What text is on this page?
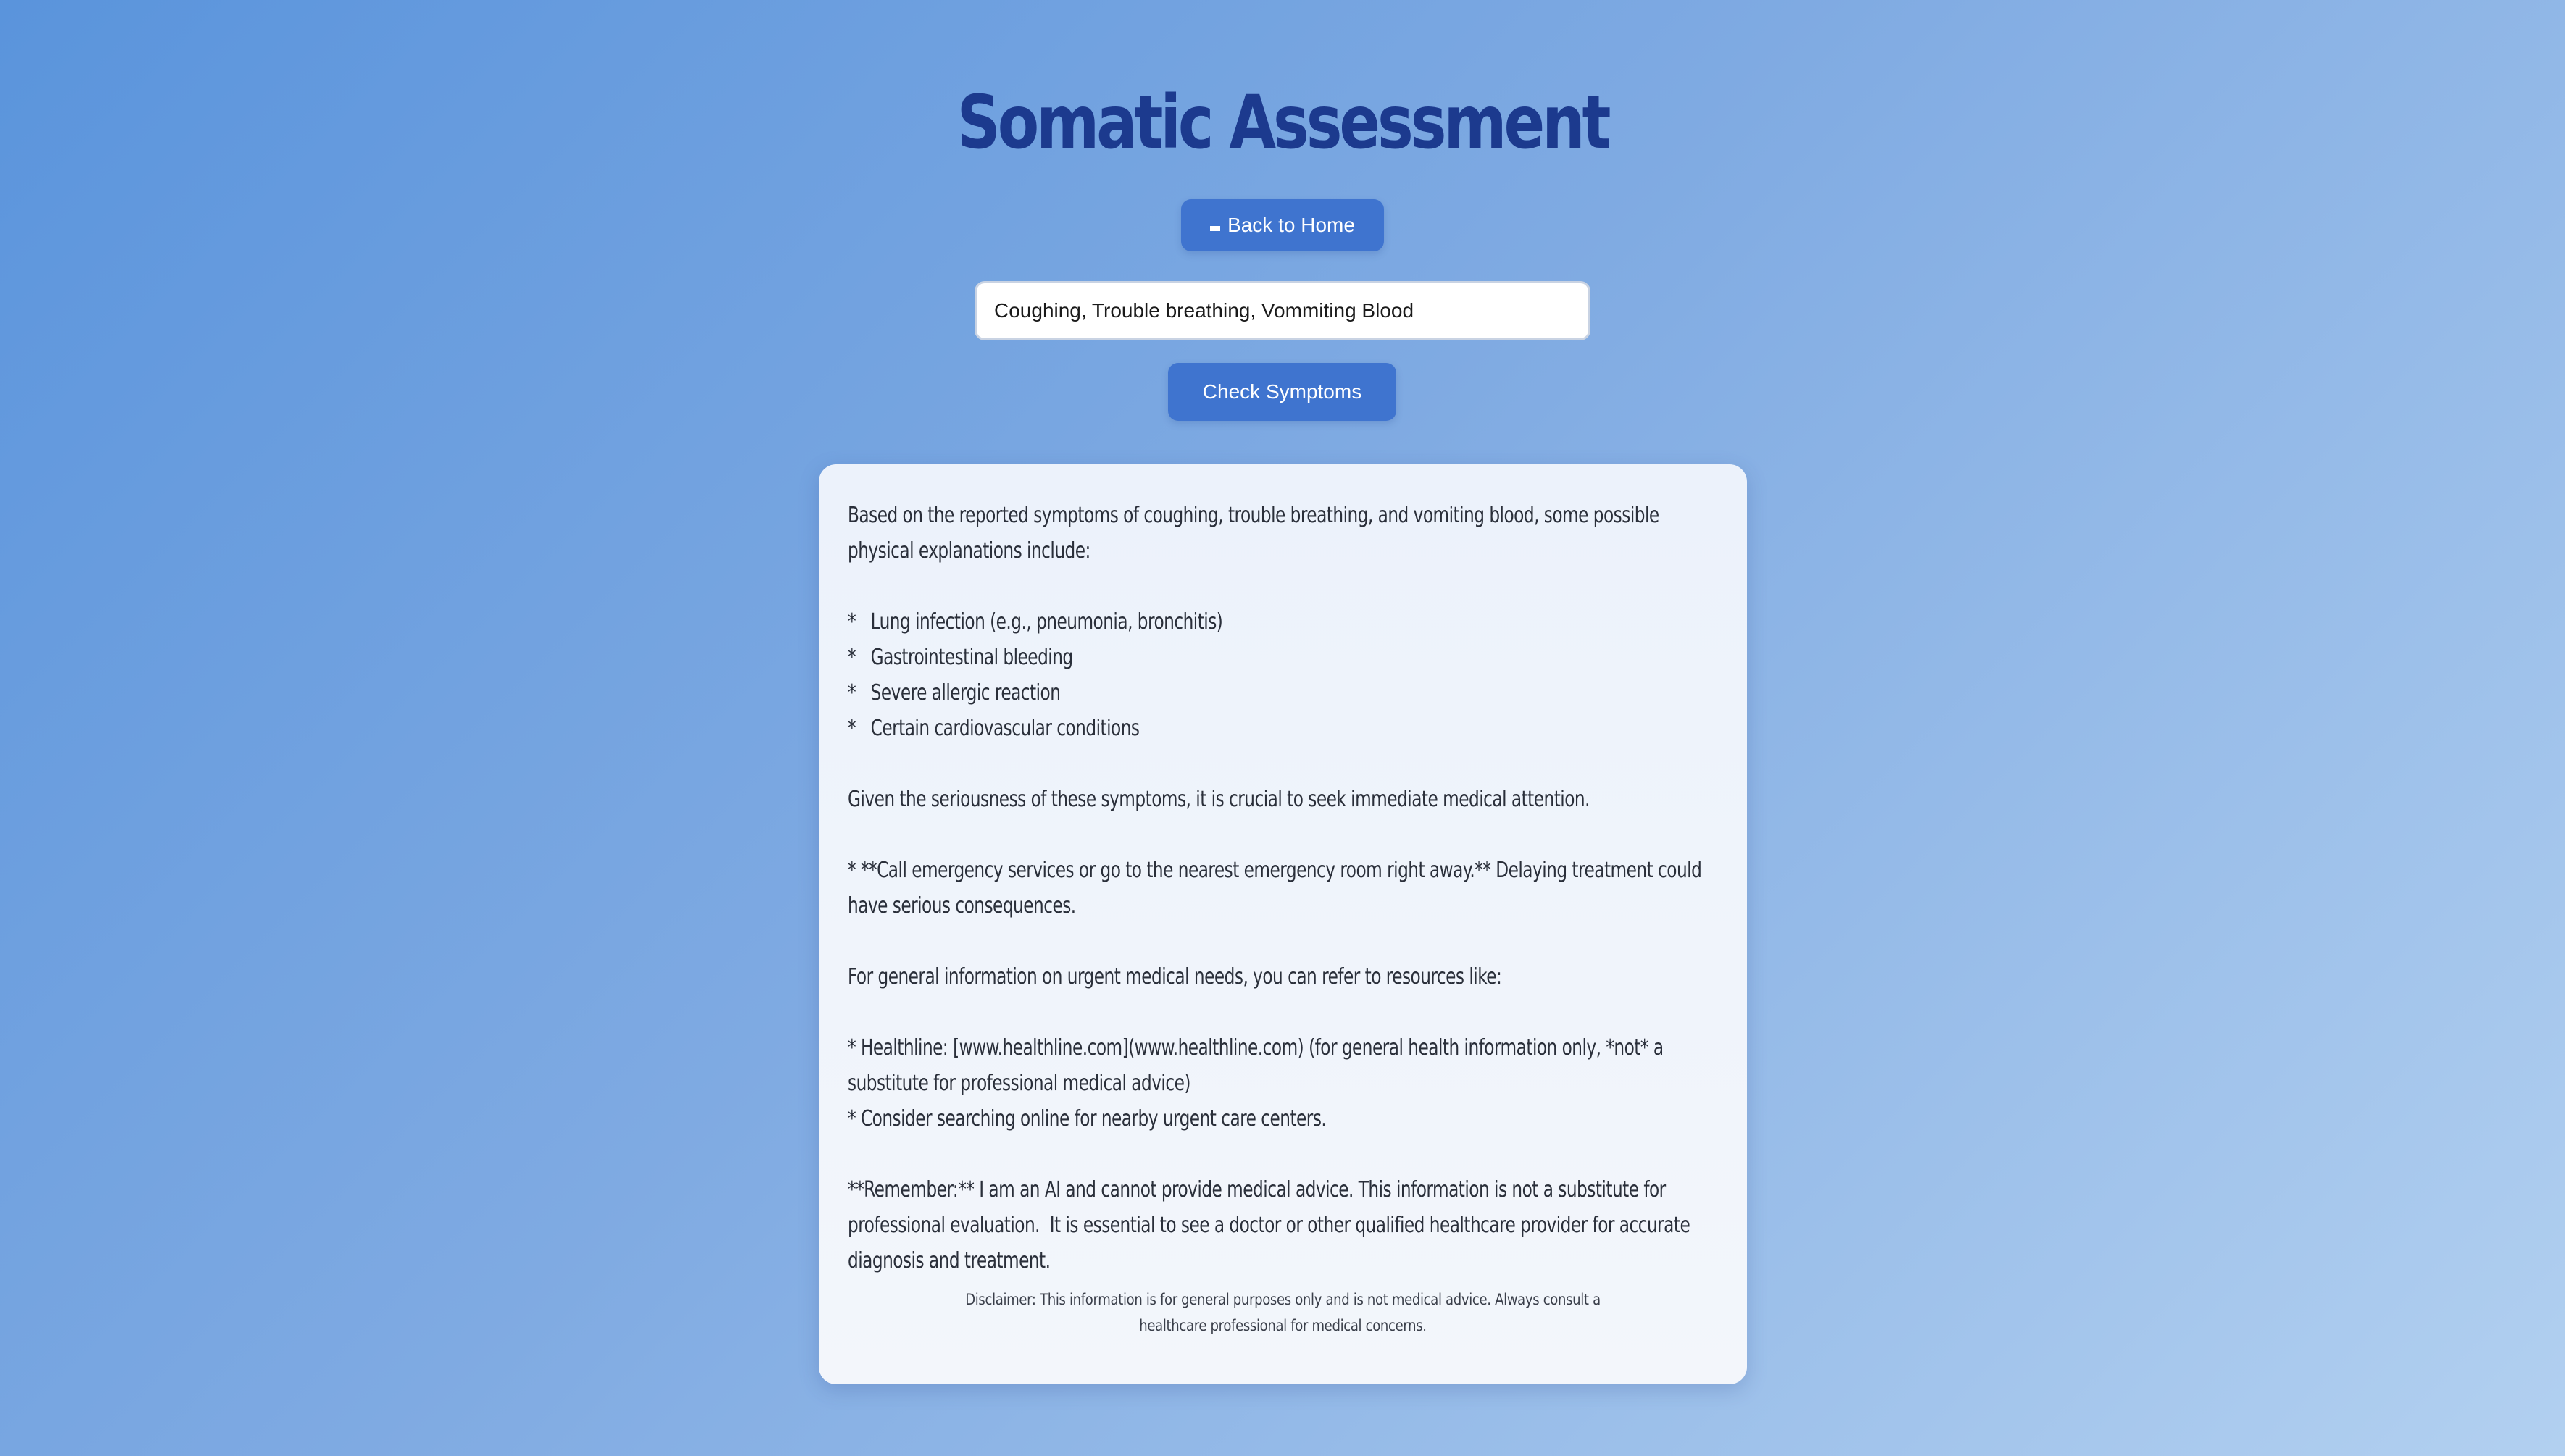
Somatic Assessment
Back to Home
Coughing, Trouble breathing, Vommiting Blood
Check Symptoms

Based on the reported symptoms of coughing, trouble breathing, and vomiting blood, some possible physical explanations include:

*   Lung infection (e.g., pneumonia, bronchitis)
*   Gastrointestinal bleeding
*   Severe allergic reaction
*   Certain cardiovascular conditions

Given the seriousness of these symptoms, it is crucial to seek immediate medical attention.

* **Call emergency services or go to the nearest emergency room right away.** Delaying treatment could have serious consequences.

For general information on urgent medical needs, you can refer to resources like:

* Healthline: [www.healthline.com](www.healthline.com) (for general health information only, *not* a substitute for professional medical advice)
* Consider searching online for nearby urgent care centers.

**Remember:** I am an AI and cannot provide medical advice. This information is not a substitute for professional evaluation.  It is essential to see a doctor or other qualified healthcare provider for accurate diagnosis and treatment.

Disclaimer: This information is for general purposes only and is not medical advice. Always consult a healthcare professional for medical concerns.
